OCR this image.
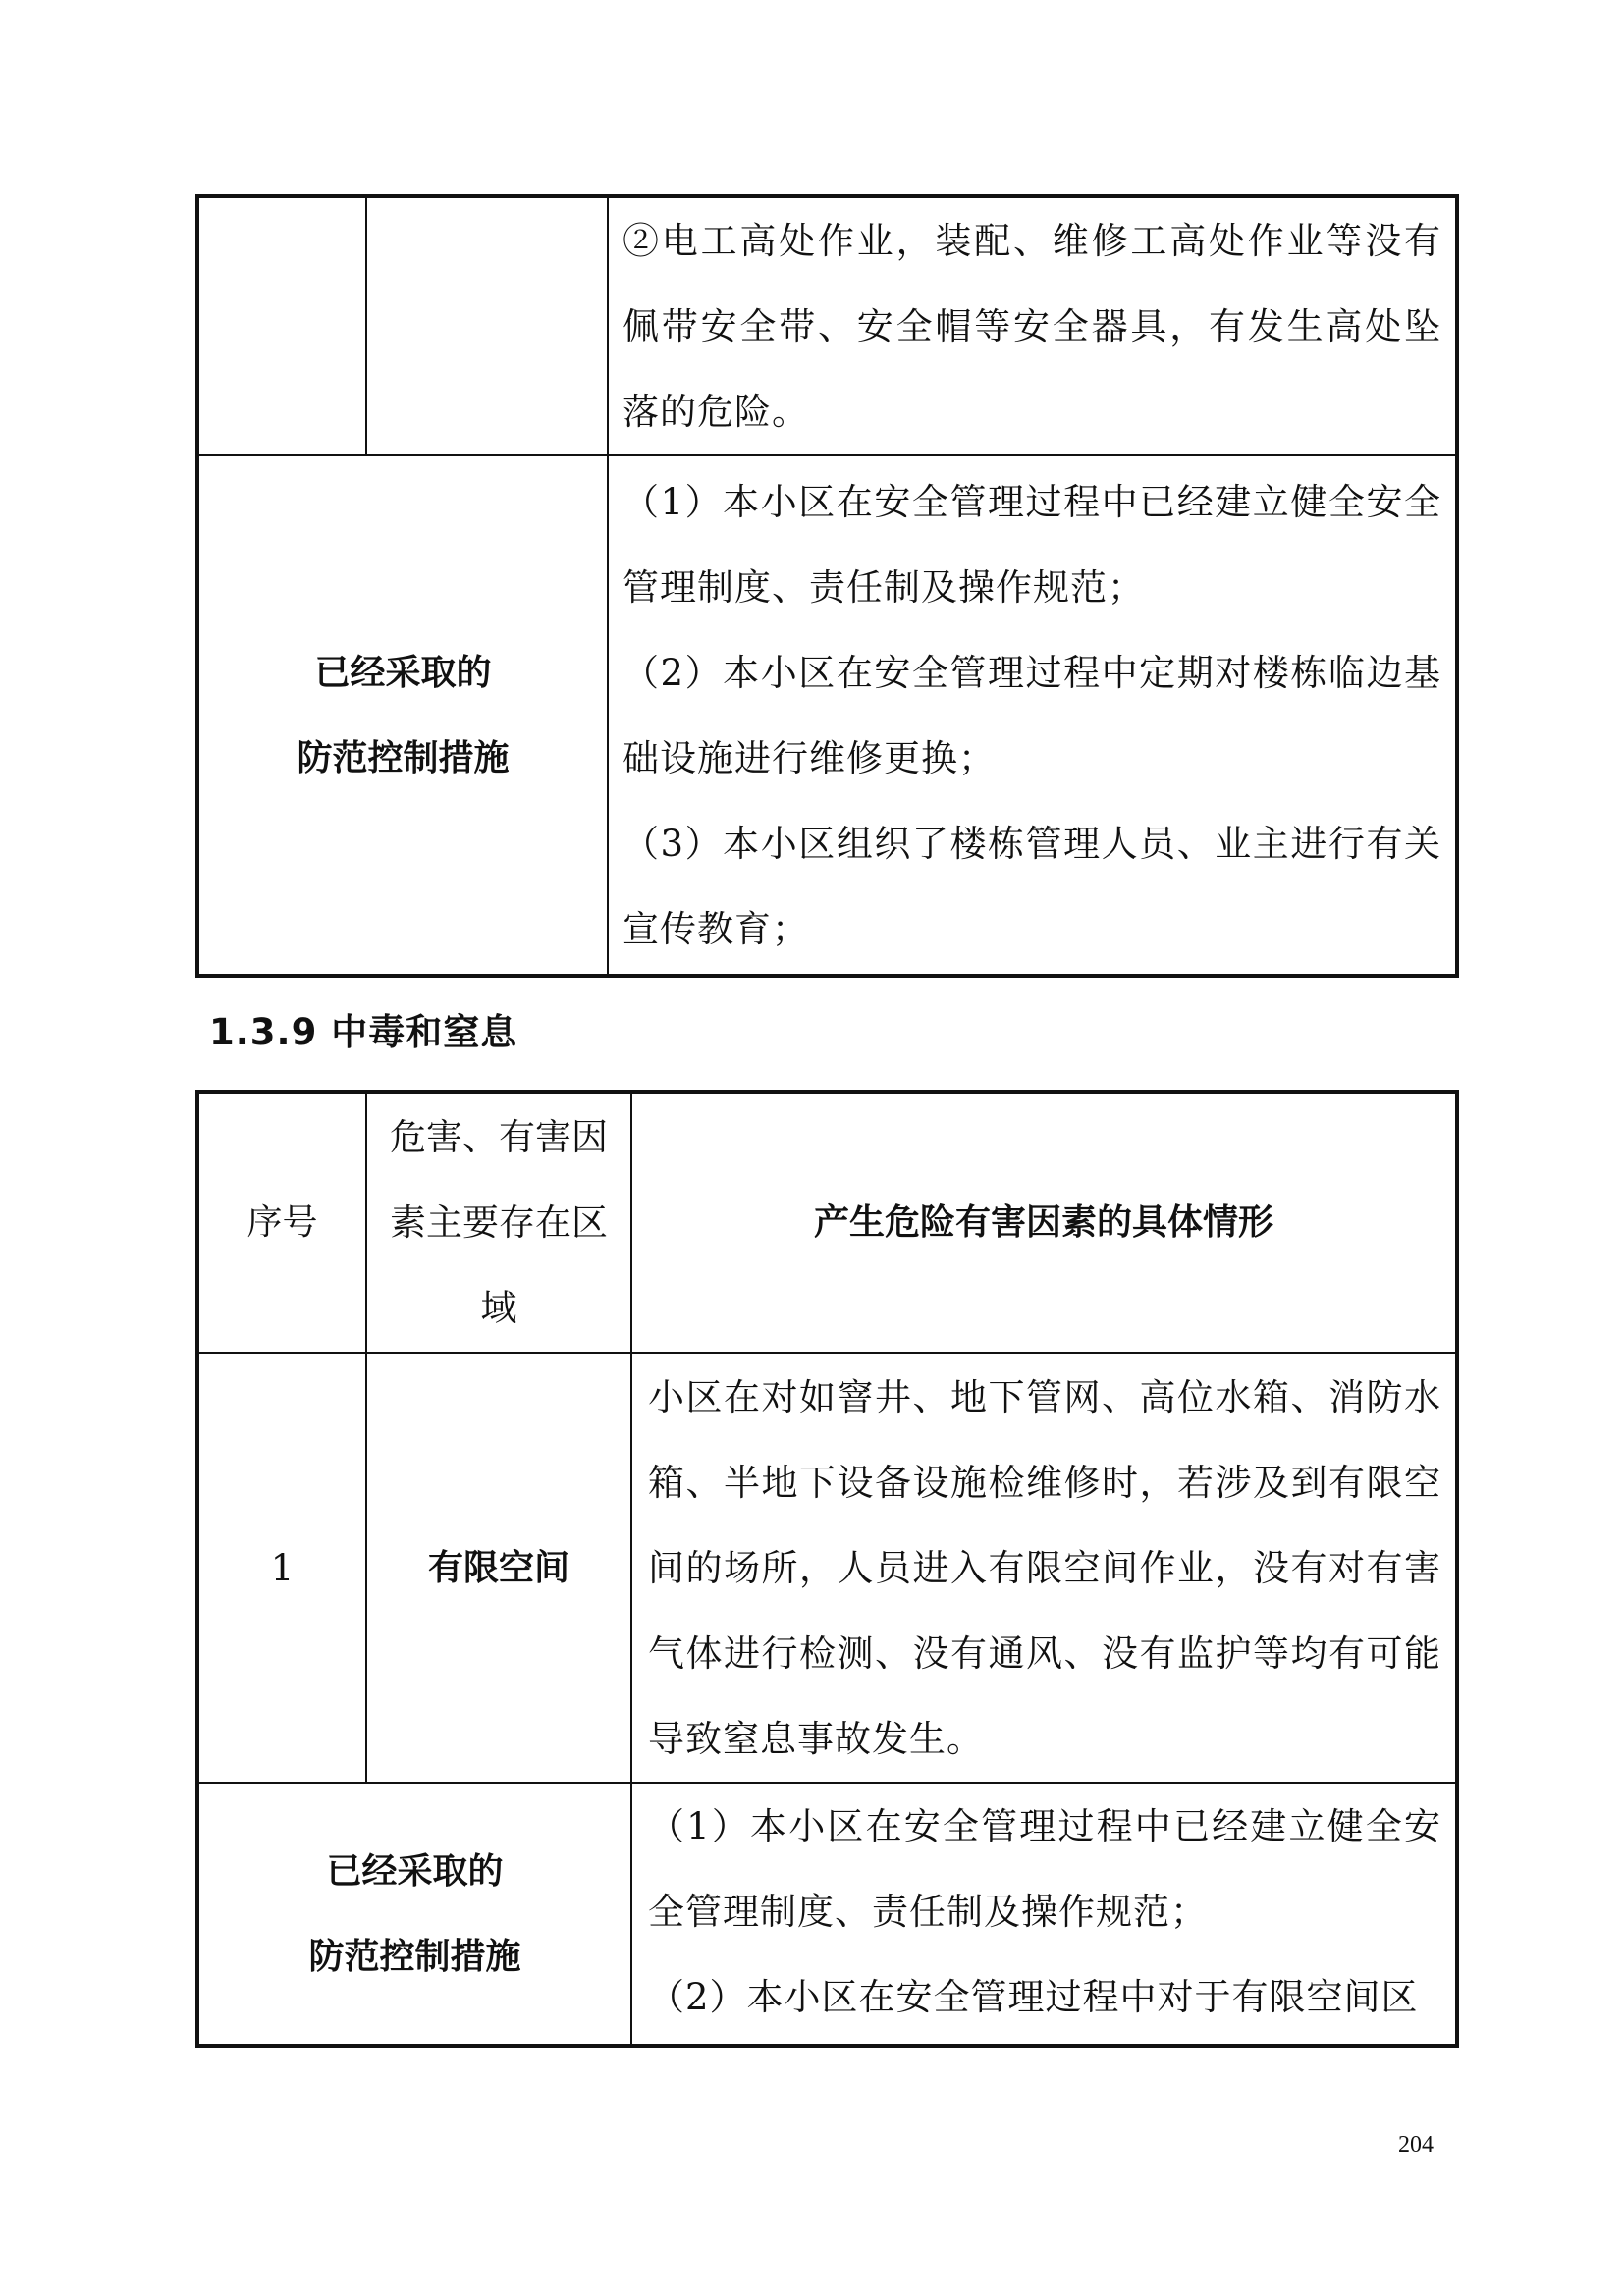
		②电工高处作业，装配、维修工高处作业等没有佩带安全带、安全帽等安全器具，有发生高处坠落的危险。

已经采取的
防范控制措施		（1）本小区在安全管理过程中已经建立健全安全管理制度、责任制及操作规范；
（2）本小区在安全管理过程中定期对楼栋临边基础设施进行维修更换；
（3）本小区组织了楼栋管理人员、业主进行有关宣传教育；
1.3.9 中毒和窒息
序号	危害、有害因素主要存在区域	产生危险有害因素的具体情形
1	有限空间	小区在对如窨井、地下管网、高位水箱、消防水箱、半地下设备设施检维修时，若涉及到有限空间的场所，人员进入有限空间作业，没有对有害气体进行检测、没有通风、没有监护等均有可能导致窒息事故发生。

已经采取的
防范控制措施		（1）本小区在安全管理过程中已经建立健全安全管理制度、责任制及操作规范；
（2）本小区在安全管理过程中对于有限空间区
204
